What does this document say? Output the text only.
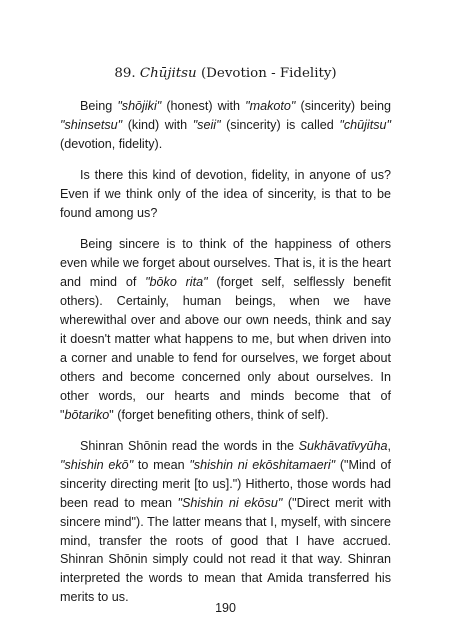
89. Chūjitsu (Devotion - Fidelity)

Being "shōjiki" (honest) with "makoto" (sincerity) being "shinsetsu" (kind) with "seii" (sincerity) is called "chūjitsu" (devotion, fidelity).

Is there this kind of devotion, fidelity, in anyone of us? Even if we think only of the idea of sincerity, is that to be found among us?

Being sincere is to think of the happiness of others even while we forget about ourselves. That is, it is the heart and mind of "bōko rita" (forget self, selflessly benefit others). Certainly, human beings, when we have wherewithal over and above our own needs, think and say it doesn't matter what happens to me, but when driven into a corner and unable to fend for ourselves, we forget about others and become concerned only about ourselves. In other words, our hearts and minds become that of "bōtariko" (forget benefiting others, think of self).

Shinran Shōnin read the words in the Sukhāvatīvyūha, "shishin ekō" to mean "shishin ni ekōshitamaeri" ("Mind of sincerity directing merit [to us].") Hitherto, those words had been read to mean "Shishin ni ekōsu" ("Direct merit with sincere mind"). The latter means that I, myself, with sincere mind, transfer the roots of good that I have accrued. Shinran Shōnin simply could not read it that way. Shinran interpreted the words to mean that Amida transferred his merits to us.

190
